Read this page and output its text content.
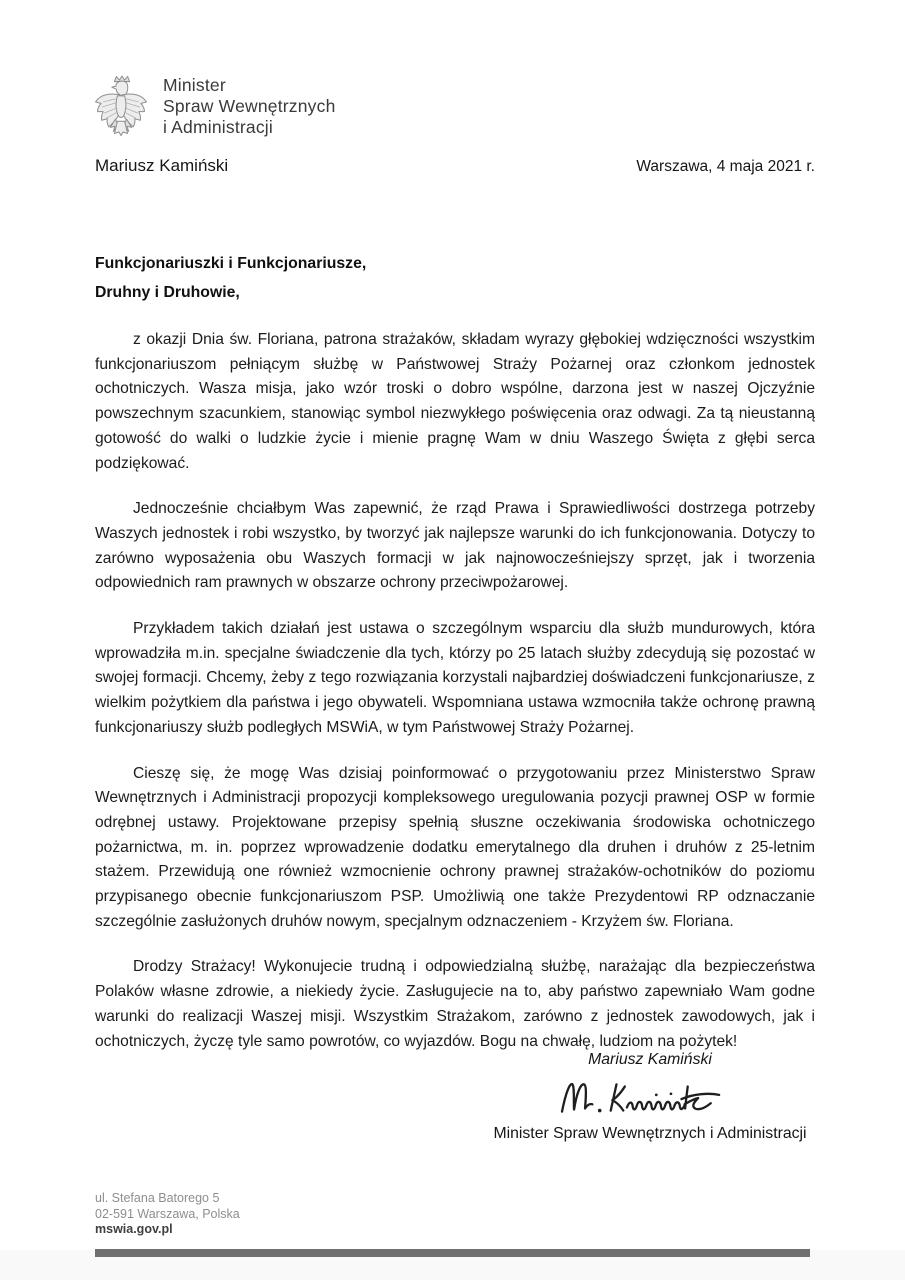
Minister
Spraw Wewnętrznych
i Administracji
Mariusz Kamiński	Warszawa, 4 maja 2021 r.

Funkcjonariuszki i Funkcjonariusze,
Druhny i Druhowie,

z okazji Dnia św. Floriana, patrona strażaków, składam wyrazy głębokiej wdzięczności wszystkim funkcjonariuszom pełniącym służbę w Państwowej Straży Pożarnej oraz członkom jednostek ochotniczych. Wasza misja, jako wzór troski o dobro wspólne, darzona jest w naszej Ojczyźnie powszechnym szacunkiem, stanowiąc symbol niezwykłego poświęcenia oraz odwagi. Za tą nieustanną gotowość do walki o ludzkie życie i mienie pragnę Wam w dniu Waszego Święta z głębi serca podziękować.

Jednocześnie chciałbym Was zapewnić, że rząd Prawa i Sprawiedliwości dostrzega potrzeby Waszych jednostek i robi wszystko, by tworzyć jak najlepsze warunki do ich funkcjonowania. Dotyczy to zarówno wyposażenia obu Waszych formacji w jak najnowocześniejszy sprzęt, jak i tworzenia odpowiednich ram prawnych w obszarze ochrony przeciwpożarowej.

Przykładem takich działań jest ustawa o szczególnym wsparciu dla służb mundurowych, która wprowadziła m.in. specjalne świadczenie dla tych, którzy po 25 latach służby zdecydują się pozostać w swojej formacji. Chcemy, żeby z tego rozwiązania korzystali najbardziej doświadczeni funkcjonariusze, z wielkim pożytkiem dla państwa i jego obywateli. Wspomniana ustawa wzmocniła także ochronę prawną funkcjonariuszy służb podległych MSWiA, w tym Państwowej Straży Pożarnej.

Cieszę się, że mogę Was dzisiaj poinformować o przygotowaniu przez Ministerstwo Spraw Wewnętrznych i Administracji propozycji kompleksowego uregulowania pozycji prawnej OSP w formie odrębnej ustawy. Projektowane przepisy spełnią słuszne oczekiwania środowiska ochotniczego pożarnictwa, m. in. poprzez wprowadzenie dodatku emerytalnego dla druhen i druhów z 25-letnim stażem. Przewidują one również wzmocnienie ochrony prawnej strażaków-ochotników do poziomu przypisanego obecnie funkcjonariuszom PSP. Umożliwią one także Prezydentowi RP odznaczanie szczególnie zasłużonych druhów nowym, specjalnym odznaczeniem - Krzyżem św. Floriana.

Drodzy Strażacy! Wykonujecie trudną i odpowiedzialną służbę, narażając dla bezpieczeństwa Polaków własne zdrowie, a niekiedy życie. Zasługujecie na to, aby państwo zapewniało Wam godne warunki do realizacji Waszej misji. Wszystkim Strażakom, zarówno z jednostek zawodowych, jak i ochotniczych, życzę tyle samo powrotów, co wyjazdów. Bogu na chwałę, ludziom na pożytek!

Mariusz Kamiński
Minister Spraw Wewnętrznych i Administracji
ul. Stefana Batorego 5
02-591 Warszawa, Polska
mswia.gov.pl
